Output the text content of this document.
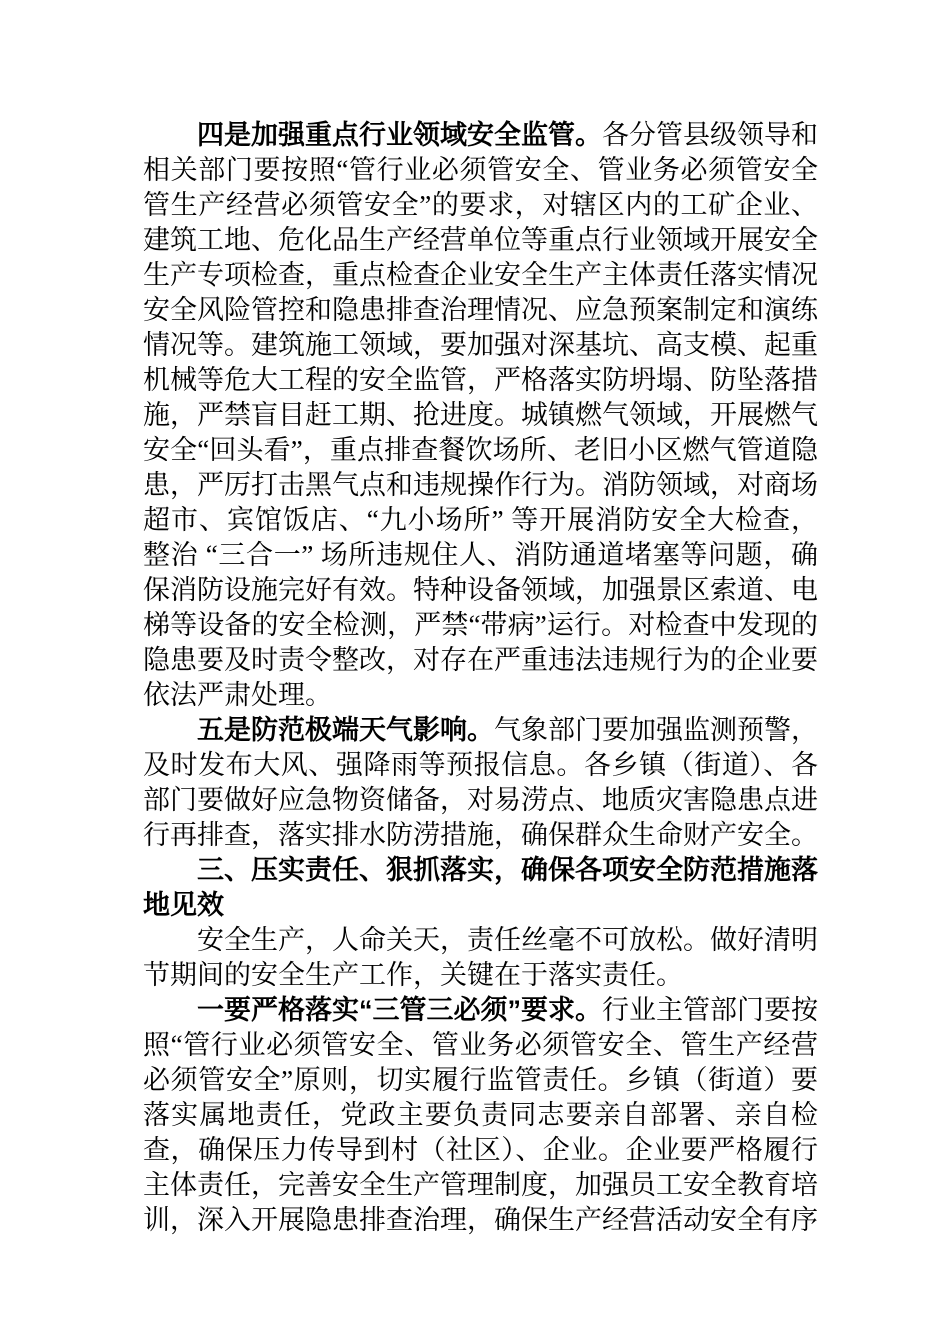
四是加强重点行业领域安全监管。各分管县级领导和相关部门要按照“管行业必须管安全、管业务必须管安全管生产经营必须管安全”的要求，对辖区内的工矿企业、建筑工地、危化品生产经营单位等重点行业领域开展安全生产专项检查，重点检查企业安全生产主体责任落实情况安全风险管控和隐患排查治理情况、应急预案制定和演练情况等。建筑施工领域，要加强对深基坑、高支模、起重机械等危大工程的安全监管，严格落实防坍塌、防坠落措施，严禁盲目赶工期、抢进度。城镇燃气领域，开展燃气安全“回头看”，重点排查餐饮场所、老旧小区燃气管道隐患，严厉打击黑气点和违规操作行为。消防领域，对商场超市、宾馆饭店、“九小场所” 等开展消防安全大检查，整治 “三合一” 场所违规住人、消防通道堵塞等问题，确保消防设施完好有效。特种设备领域，加强景区索道、电梯等设备的安全检测，严禁“带病”运行。对检查中发现的隐患要及时责令整改，对存在严重违法违规行为的企业要依法严肃处理。

五是防范极端天气影响。气象部门要加强监测预警，及时发布大风、强降雨等预报信息。各乡镇（街道）、各部门要做好应急物资储备，对易涝点、地质灾害隐患点进行再排查，落实排水防涝措施，确保群众生命财产安全。

三、压实责任、狠抓落实，确保各项安全防范措施落地见效

安全生产，人命关天，责任丝毫不可放松。做好清明节期间的安全生产工作，关键在于落实责任。

一要严格落实“三管三必须”要求。行业主管部门要按照“管行业必须管安全、管业务必须管安全、管生产经营必须管安全”原则，切实履行监管责任。乡镇（街道）要落实属地责任，党政主要负责同志要亲自部署、亲自检查，确保压力传导到村（社区）、企业。企业要严格履行主体责任，完善安全生产管理制度，加强员工安全教育培训，深入开展隐患排查治理，确保生产经营活动安全有序
